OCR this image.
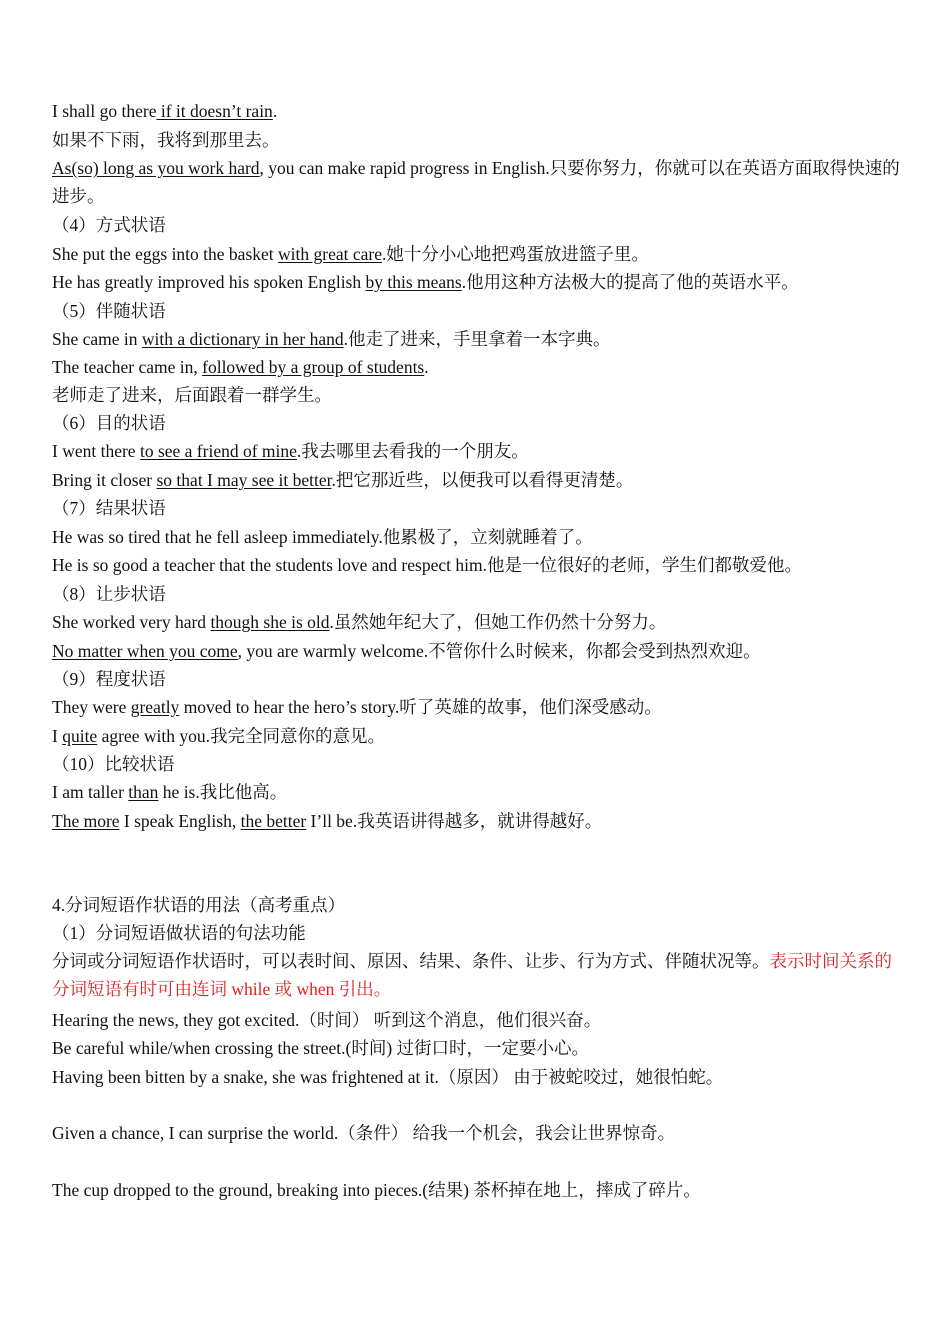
I shall go there if it doesn’t rain.
如果不下雨，我将到那里去。
As(so) long as you work hard, you can make rapid progress in English.只要你努力，你就可以在英语方面取得快速的进步。
（4）方式状语
She put the eggs into the basket with great care.她十分小心地把鸡蛋放进篮子里。
He has greatly improved his spoken English by this means.他用这种方法极大的提高了他的英语水平。
（5）伴随状语
She came in with a dictionary in her hand.他走了进来，手里拿着一本字典。
The teacher came in, followed by a group of students.
老师走了进来，后面跟着一群学生。
（6）目的状语
I went there to see a friend of mine.我去哪里去看我的一个朋友。
Bring it closer so that I may see it better.把它那近些，以便我可以看得更清楚。
（7）结果状语
He was so tired that he fell asleep immediately.他累极了，立刻就睡着了。
He is so good a teacher that the students love and respect him.他是一位很好的老师，学生们都敬爱他。
（8）让步状语
She worked very hard though she is old.虽然她年纪大了，但她工作仍然十分努力。
No matter when you come, you are warmly welcome.不管你什么时候来，你都会受到热烈欢迎。
（9）程度状语
They were greatly moved to hear the hero’s story.听了英雄的故事，他们深受感动。
I quite agree with you.我完全同意你的意见。
（10）比较状语
I am taller than he is.我比他高。
The more I speak English, the better I’ll be.我英语讲得越多，就讲得越好。
4.分词短语作状语的用法（高考重点）
（1）分词短语做状语的句法功能
分词或分词短语作状语时，可以表时间、原因、结果、条件、让步、行为方式、伴随状况等。表示时间关系的分词短语有时可由连词 while 或 when 引出。
Hearing the news, they got excited.（时间） 听到这个消息，他们很兴奋。
Be careful while/when crossing the street.(时间) 过街口时，一定要小心。
Having been bitten by a snake, she was frightened at it.（原因） 由于被蛇咬过，她很怕蛇。
Given a chance, I can surprise the world.（条件） 给我一个机会，我会让世界惊奇。
The cup dropped to the ground, breaking into pieces.(结果) 茶杯掉在地上，摔成了碎片。
